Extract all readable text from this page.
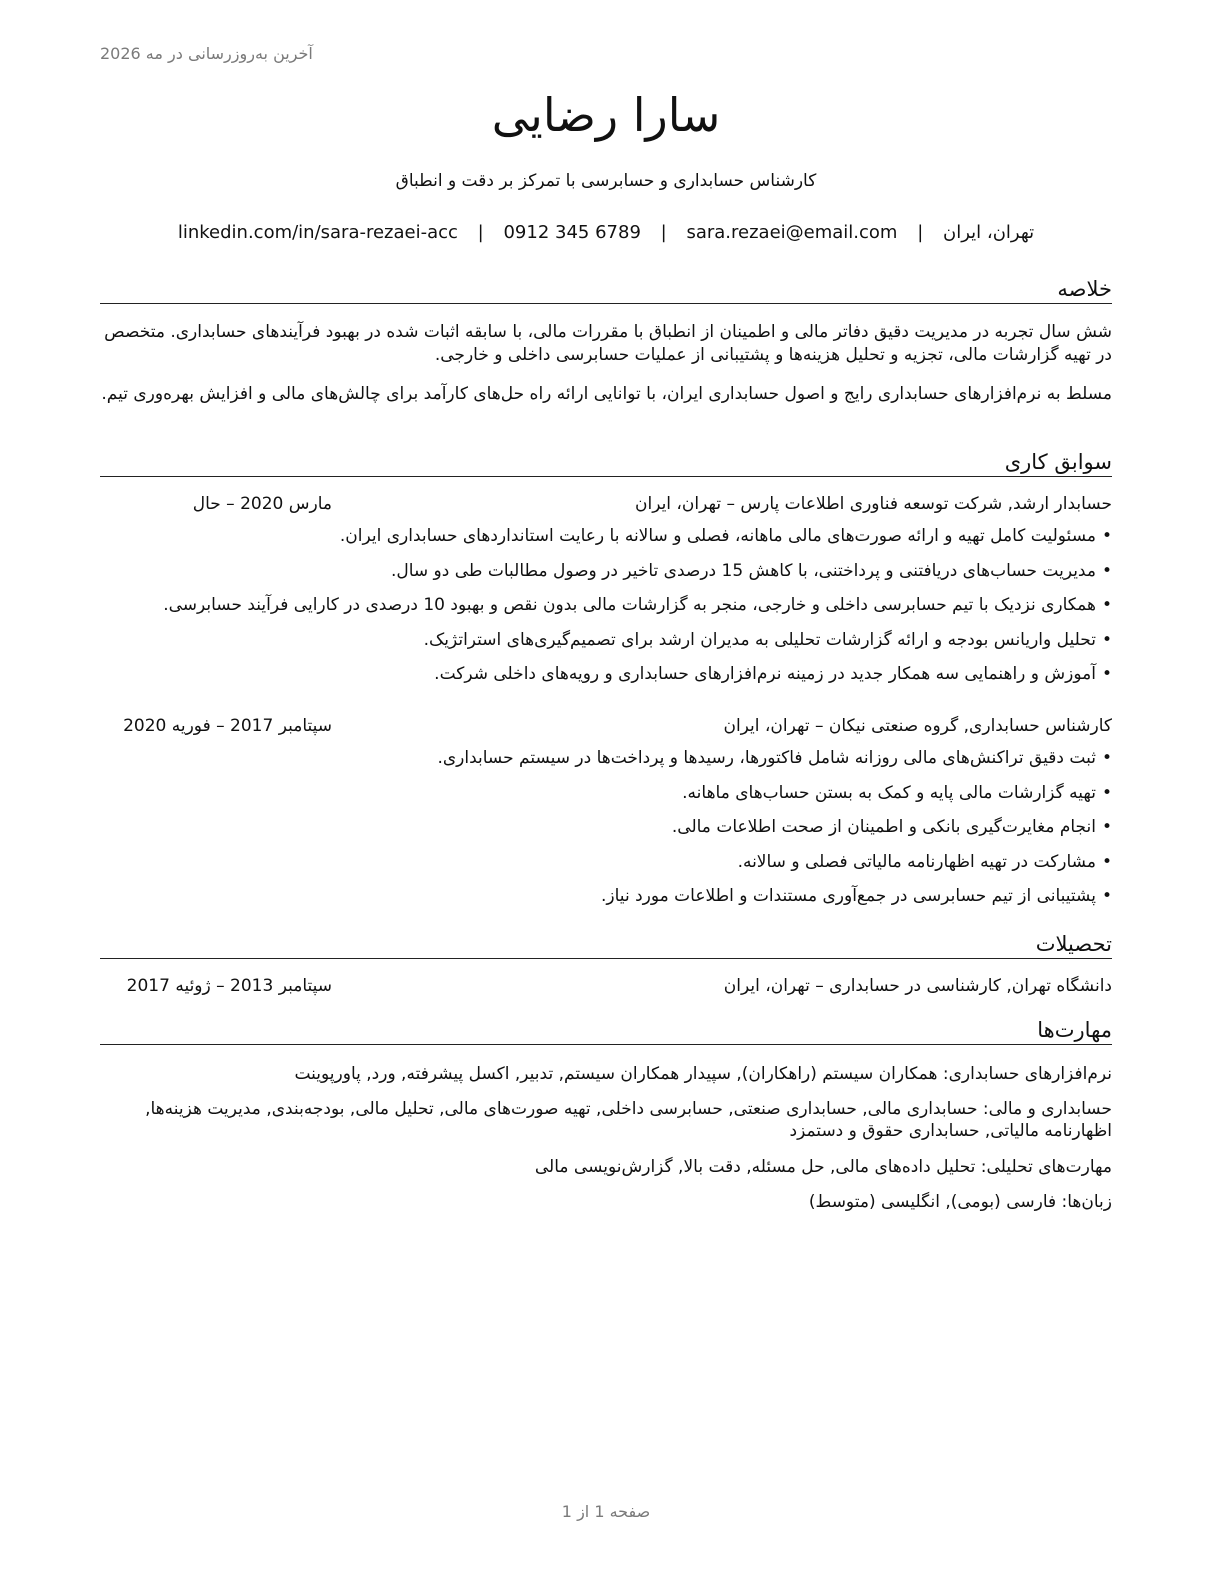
آخرین به‌روزرسانی در مه 2026
سارا رضایی
کارشناس حسابداری و حسابرسی با تمرکز بر دقت و انطباق
تهران، ایران | sara.rezaei@email.com | 0912 345 6789 | linkedin.com/in/sara-rezaei-acc
خلاصه
شش سال تجربه در مدیریت دقیق دفاتر مالی و اطمینان از انطباق با مقررات مالی، با سابقه اثبات شده در بهبود فرآیندهای حسابداری. متخصص در تهیه گزارشات مالی، تجزیه و تحلیل هزینه‌ها و پشتیبانی از عملیات حسابرسی داخلی و خارجی.
مسلط به نرم‌افزارهای حسابداری رایج و اصول حسابداری ایران، با توانایی ارائه راه حل‌های کارآمد برای چالش‌های مالی و افزایش بهره‌وری تیم.
سوابق کاری
حسابدار ارشد, شرکت توسعه فناوری اطلاعات پارس – تهران، ایران
مارس 2020 – حال
•مسئولیت کامل تهیه و ارائه صورت‌های مالی ماهانه، فصلی و سالانه با رعایت استانداردهای حسابداری ایران.
•مدیریت حساب‌های دریافتنی و پرداختنی، با کاهش 15 درصدی تاخیر در وصول مطالبات طی دو سال.
•همکاری نزدیک با تیم حسابرسی داخلی و خارجی، منجر به گزارشات مالی بدون نقص و بهبود 10 درصدی در کارایی فرآیند حسابرسی.
•تحلیل واریانس بودجه و ارائه گزارشات تحلیلی به مدیران ارشد برای تصمیم‌گیری‌های استراتژیک.
•آموزش و راهنمایی سه همکار جدید در زمینه نرم‌افزارهای حسابداری و رویه‌های داخلی شرکت.
کارشناس حسابداری, گروه صنعتی نیکان – تهران، ایران
سپتامبر 2017 – فوریه 2020
•ثبت دقیق تراکنش‌های مالی روزانه شامل فاکتورها، رسیدها و پرداخت‌ها در سیستم حسابداری.
•تهیه گزارشات مالی پایه و کمک به بستن حساب‌های ماهانه.
•انجام مغایرت‌گیری بانکی و اطمینان از صحت اطلاعات مالی.
•مشارکت در تهیه اظهارنامه مالیاتی فصلی و سالانه.
•پشتیبانی از تیم حسابرسی در جمع‌آوری مستندات و اطلاعات مورد نیاز.
تحصیلات
دانشگاه تهران, کارشناسی در حسابداری – تهران، ایران
سپتامبر 2013 – ژوئیه 2017
مهارت‌ها
نرم‌افزارهای حسابداری: همکاران سیستم (راهکاران), سپیدار همکاران سیستم, تدبیر, اکسل پیشرفته, ورد, پاورپوینت
حسابداری و مالی: حسابداری مالی, حسابداری صنعتی, حسابرسی داخلی, تهیه صورت‌های مالی, تحلیل مالی, بودجه‌بندی, مدیریت هزینه‌ها, اظهارنامه مالیاتی, حسابداری حقوق و دستمزد
مهارت‌های تحلیلی: تحلیل داده‌های مالی, حل مسئله, دقت بالا, گزارش‌نویسی مالی
زبان‌ها: فارسی (بومی), انگلیسی (متوسط)
صفحه 1 از 1
